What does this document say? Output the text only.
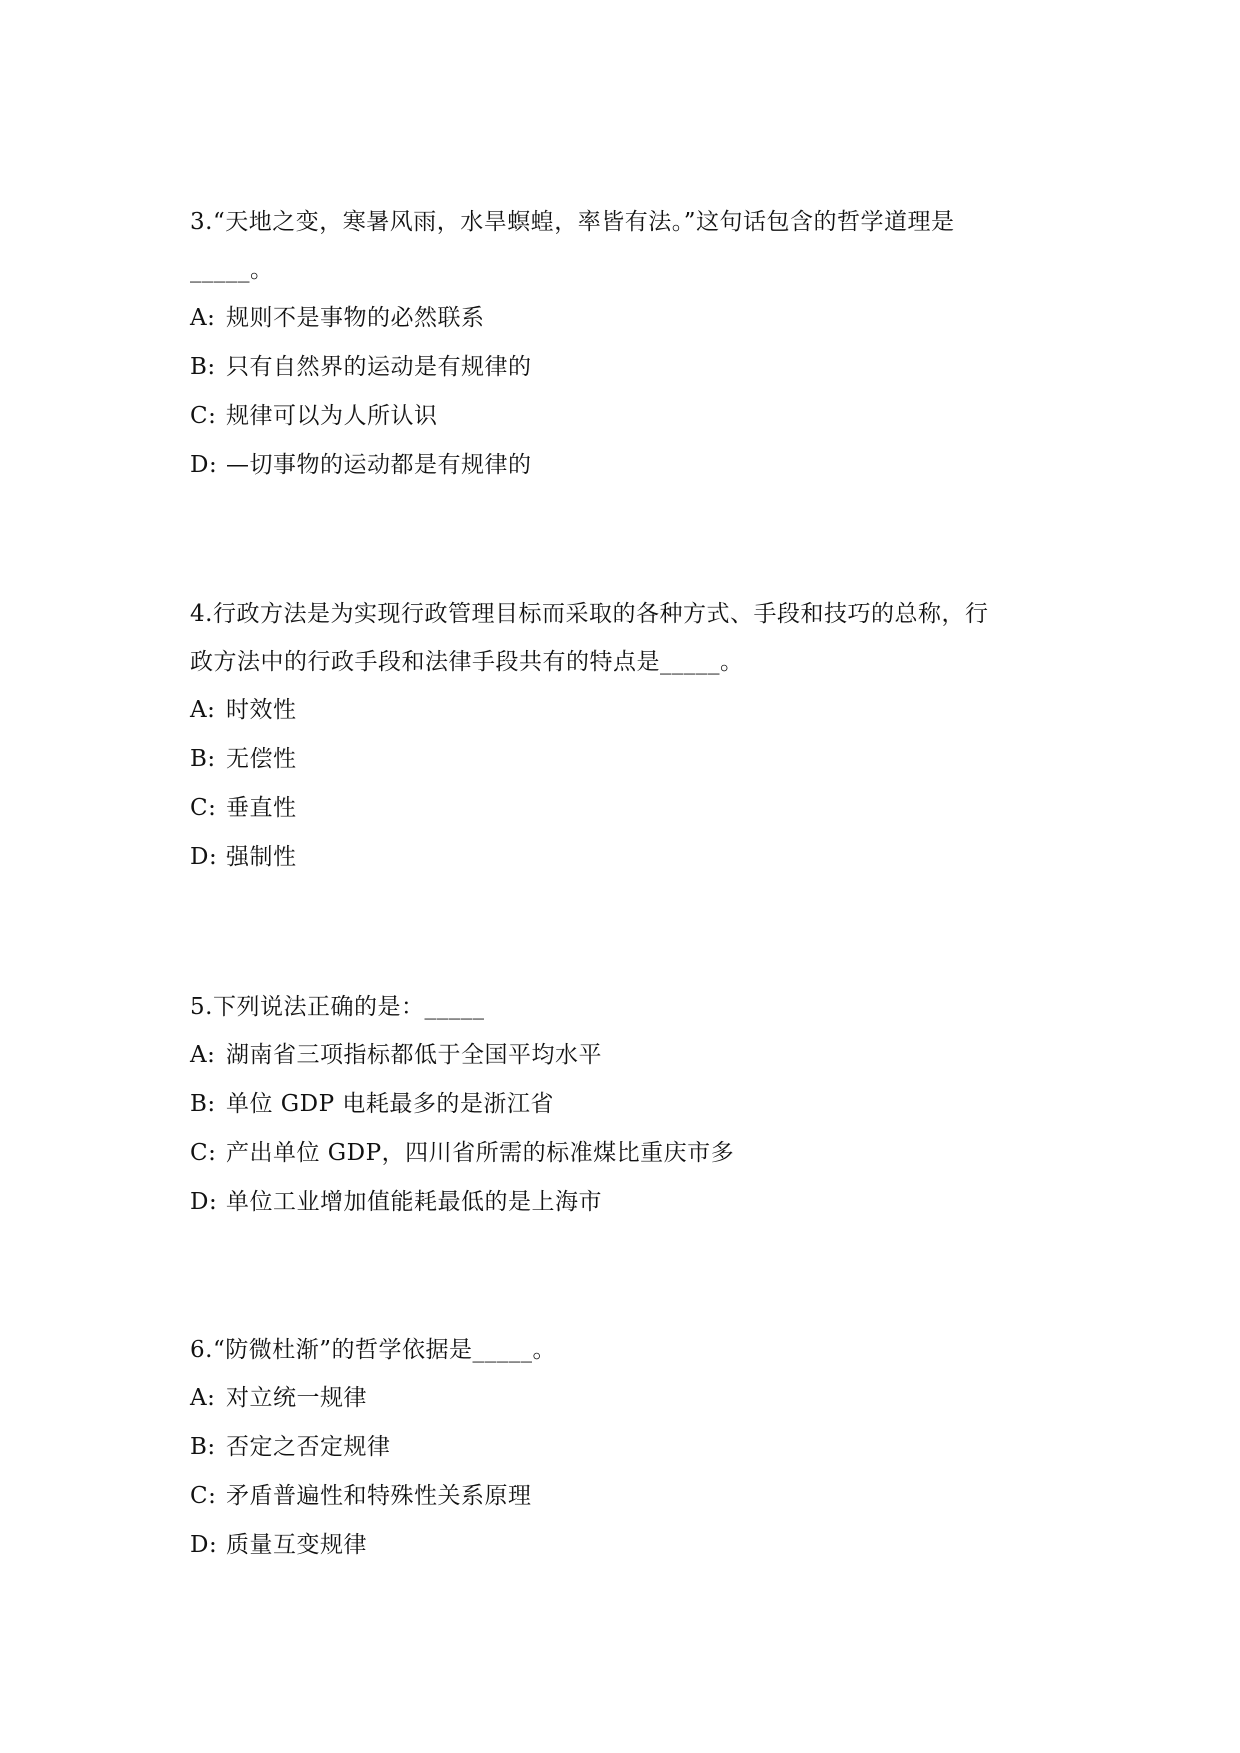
3.“天地之变，寒暑风雨，水旱螟蝗，率皆有法。”这句话包含的哲学道理是

_____。

A: 规则不是事物的必然联系

B: 只有自然界的运动是有规律的

C: 规律可以为人所认识

D: —切事物的运动都是有规律的

4.行政方法是为实现行政管理目标而采取的各种方式、手段和技巧的总称，行

政方法中的行政手段和法律手段共有的特点是_____。

A: 时效性

B: 无偿性

C: 垂直性

D: 强制性

5.下列说法正确的是：_____

A: 湖南省三项指标都低于全国平均水平

B: 单位 GDP 电耗最多的是浙江省

C: 产出单位 GDP，四川省所需的标准煤比重庆市多

D: 单位工业增加值能耗最低的是上海市

6.“防微杜渐”的哲学依据是_____。

A: 对立统一规律

B: 否定之否定规律

C: 矛盾普遍性和特殊性关系原理

D: 质量互变规律
